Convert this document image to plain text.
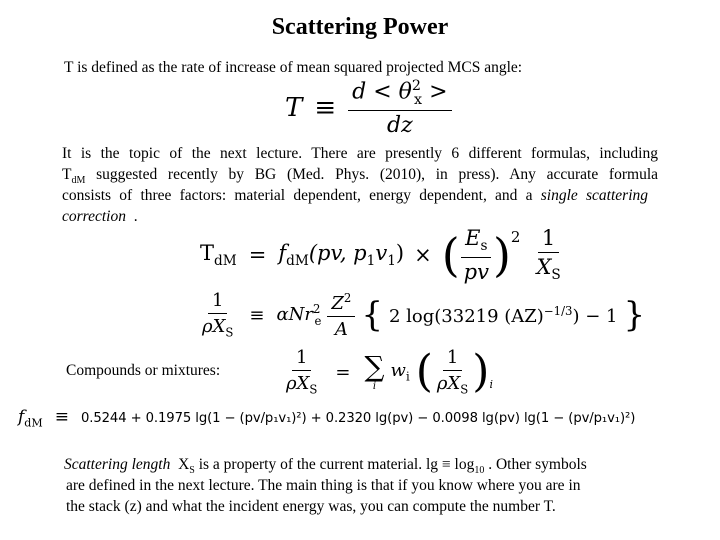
Scattering Power
T is defined as the rate of increase of mean squared projected MCS angle:
$T \equiv \frac{d < \theta^2_x >}{dz}$
It is the topic of the next lecture. There are presently 6 different formulas, including
$T_{dM}$ suggested recently by BG (Med. Phys. (2010), in press). Any accurate formula
consists of three factors: material dependent, energy dependent, and a single scattering
correction .
$T_{dM} = f_{dM}(pv$, $p_1v_1$) × ( $\frac{E_s}{pv} )^2 \frac{1}{X_S}$
$\frac{1}{\rho X_S} \equiv \alpha Nr^2_e \frac{Z^2}{A}$ { 2 log(33219 (AZ)$^{-1/3}$) − 1 }
Compounds or mixtures:	$\frac{1}{\rho X_S}$ = ∑
i
$w_i$ ( $\frac{1}{\rho X_S}$ ) i
$f_{dM} \equiv 0.5244 + 0.1975$ lg(1 − (pv/p₁v₁)²) + 0.2320 lg(pv) − 0.0098 lg(pv) lg(1 − (pv/p₁v₁)²)
Scattering length $X_S$ is a property of the current material. $\lg \equiv \log_{10}$ . Other symbols
are defined in the next lecture. The main thing is that if you know where you are in
the stack (z) and what the incident energy was, you can compute the number T.
